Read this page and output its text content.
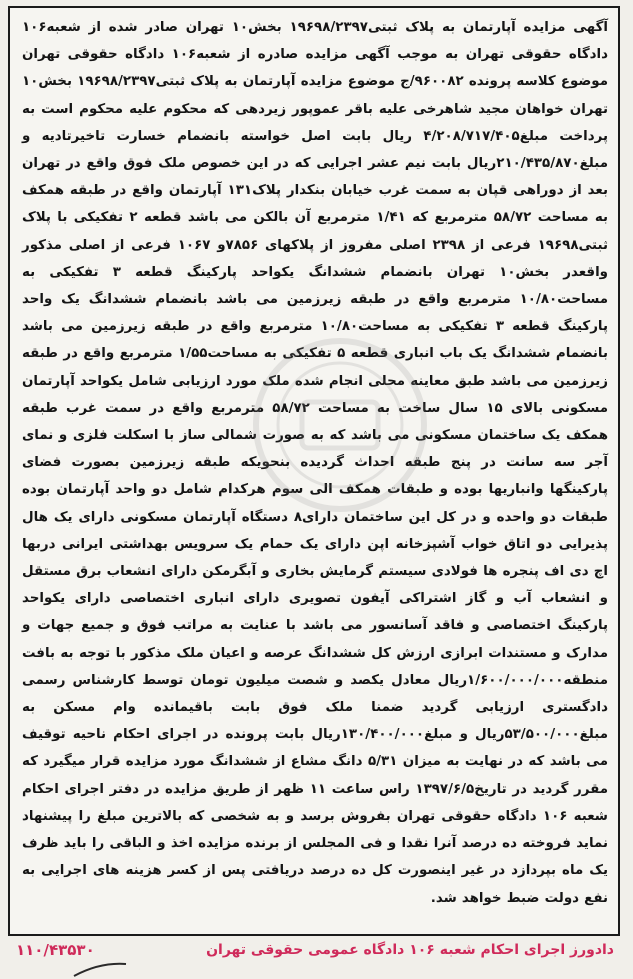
آگهی مزایده آپارتمان به پلاک ثبتی۱۹۶۹۸/۲۳۹۷ بخش۱۰ تهران صادر شده از شعبه۱۰۶ دادگاه حقوقی تهران به موجب آگهی مزایده صادره از شعبه۱۰۶ دادگاه حقوقی تهران موضوع کلاسه پرونده ۹۶۰۰۸۲/ج موضوع مزایده آپارتمان به پلاک ثبتی۱۹۶۹۸/۲۳۹۷ بخش۱۰ تهران خواهان مجید شاهرخی علیه باقر عموپور زیردهی که محکوم علیه محکوم است به پرداخت مبلغ۴/۲۰۸/۷۱۷/۴۰۵ ریال بابت اصل خواسته بانضمام خسارت تاخیرتادیه و مبلغ۲۱۰/۴۳۵/۸۷۰ریال بابت نیم عشر اجرایی که در این خصوص ملک فوق واقع در تهران بعد از دوراهی قپان به سمت غرب خیابان بنکدار پلاک۱۳۱ آپارتمان واقع در طبقه همکف به مساحت ۵۸/۷۲ مترمربع که ۱/۴۱ مترمربع آن بالکن می باشد قطعه ۲ تفکیکی با پلاک ثبتی۱۹۶۹۸ فرعی از ۲۳۹۸ اصلی مفروز از پلاکهای ۷۸۵۶و ۱۰۶۷ فرعی از اصلی مذکور واقعدر بخش۱۰ تهران بانضمام ششدانگ یکواحد پارکینگ قطعه ۳ تفکیکی به مساحت۱۰/۸۰ مترمربع واقع در طبقه زیرزمین می باشد بانضمام ششدانگ یک واحد پارکینگ قطعه ۳ تفکیکی به مساحت۱۰/۸۰ مترمربع واقع در طبقه زیرزمین می باشد بانضمام ششدانگ یک باب انباری قطعه ۵ تفکیکی به مساحت۱/۵۵ مترمربع واقع در طبقه زیرزمین می باشد طبق معاینه محلی انجام شده ملک مورد ارزیابی شامل یکواحد آپارتمان مسکونی بالای ۱۵ سال ساخت به مساحت ۵۸/۷۲ مترمربع واقع در سمت غرب طبقه همکف یک ساختمان مسکونی می باشد که به صورت شمالی ساز با اسکلت فلزی و نمای آجر سه سانت در پنج طبقه احداث گردیده بنحویکه طبقه زیرزمین بصورت فضای پارکینگها وانباریها بوده و طبقات همکف الی سوم هرکدام شامل دو واحد آپارتمان بوده طبقات دو واحده و در کل این ساختمان دارای۸ دستگاه آپارتمان مسکونی دارای یک هال پذیرایی دو اتاق خواب آشپزخانه اپن دارای یک حمام یک سرویس بهداشتی ایرانی دربها اچ دی اف پنجره ها فولادی سیستم گرمایش بخاری و آبگرمکن دارای انشعاب برق مستقل و انشعاب آب و گاز اشتراکی آیفون تصویری دارای انباری اختصاصی دارای یکواحد پارکینگ اختصاصی و فاقد آسانسور می باشد با عنایت به مراتب فوق و جمیع جهات و مدارک و مستندات ابرازی ارزش کل ششدانگ عرصه و اعیان ملک مذکور با توجه به بافت منطقه۱/۶۰۰/۰۰۰/۰۰۰ریال معادل یکصد و شصت میلیون تومان توسط کارشناس رسمی دادگستری ارزیابی گردید ضمنا ملک فوق بابت باقیمانده وام مسکن به مبلغ۵۳/۵۰۰/۰۰۰ریال و مبلغ۱۳۰/۴۰۰/۰۰۰ریال بابت پرونده در اجرای احکام ناحیه توقیف می باشد که در نهایت به میزان ۵/۳۱ دانگ مشاع از ششدانگ مورد مزایده قرار میگیرد که مقرر گردید در تاریخ۱۳۹۷/۶/۵ راس ساعت ۱۱ ظهر از طریق مزایده در دفتر اجرای احکام شعبه ۱۰۶ دادگاه حقوقی تهران بفروش برسد و به شخصی که بالاترین مبلغ را پیشنهاد نماید فروخته ده درصد آنرا نقدا و فی المجلس از برنده مزایده اخذ و الباقی را باید ظرف یک ماه بپردازد در غیر اینصورت کل ده درصد دریافتی پس از کسر هزینه های اجرایی به نفع دولت ضبط خواهد شد.

دادورز اجرای احکام شعبه ۱۰۶ دادگاه عمومی حقوقی تهران
۱۱۰/۴۳۵۳۰
